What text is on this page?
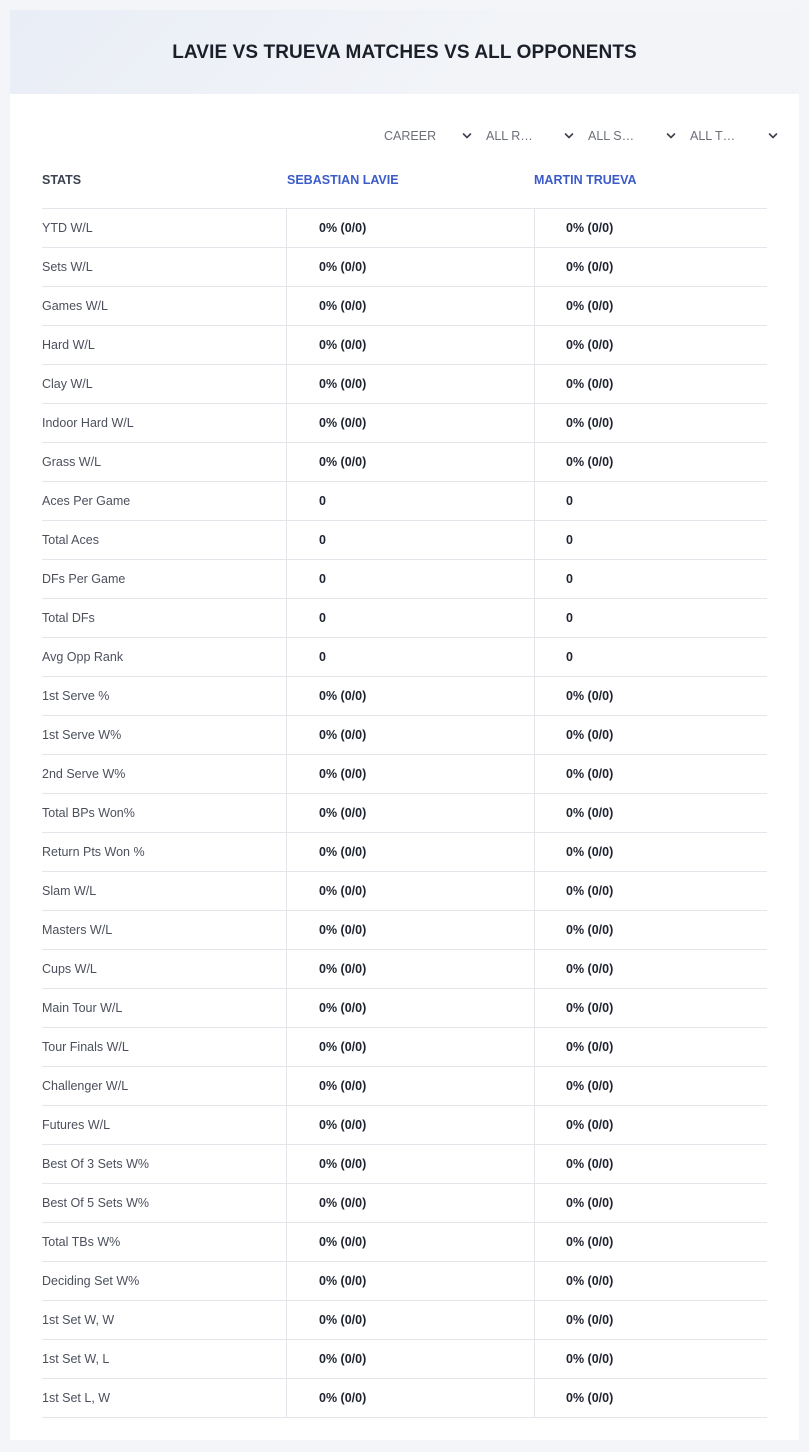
LAVIE VS TRUEVA MATCHES VS ALL OPPONENTS
CAREER	ALL R…	ALL S…	ALL T…
STATS	SEBASTIAN LAVIE	MARTIN TRUEVA
YTD W/L	0% (0/0)	0% (0/0)
Sets W/L	0% (0/0)	0% (0/0)
Games W/L	0% (0/0)	0% (0/0)
Hard W/L	0% (0/0)	0% (0/0)
Clay W/L	0% (0/0)	0% (0/0)
Indoor Hard W/L	0% (0/0)	0% (0/0)
Grass W/L	0% (0/0)	0% (0/0)
Aces Per Game	0	0
Total Aces	0	0
DFs Per Game	0	0
Total DFs	0	0
Avg Opp Rank	0	0
1st Serve %	0% (0/0)	0% (0/0)
1st Serve W%	0% (0/0)	0% (0/0)
2nd Serve W%	0% (0/0)	0% (0/0)
Total BPs Won%	0% (0/0)	0% (0/0)
Return Pts Won %	0% (0/0)	0% (0/0)
Slam W/L	0% (0/0)	0% (0/0)
Masters W/L	0% (0/0)	0% (0/0)
Cups W/L	0% (0/0)	0% (0/0)
Main Tour W/L	0% (0/0)	0% (0/0)
Tour Finals W/L	0% (0/0)	0% (0/0)
Challenger W/L	0% (0/0)	0% (0/0)
Futures W/L	0% (0/0)	0% (0/0)
Best Of 3 Sets W%	0% (0/0)	0% (0/0)
Best Of 5 Sets W%	0% (0/0)	0% (0/0)
Total TBs W%	0% (0/0)	0% (0/0)
Deciding Set W%	0% (0/0)	0% (0/0)
1st Set W, W	0% (0/0)	0% (0/0)
1st Set W, L	0% (0/0)	0% (0/0)
1st Set L, W	0% (0/0)	0% (0/0)
